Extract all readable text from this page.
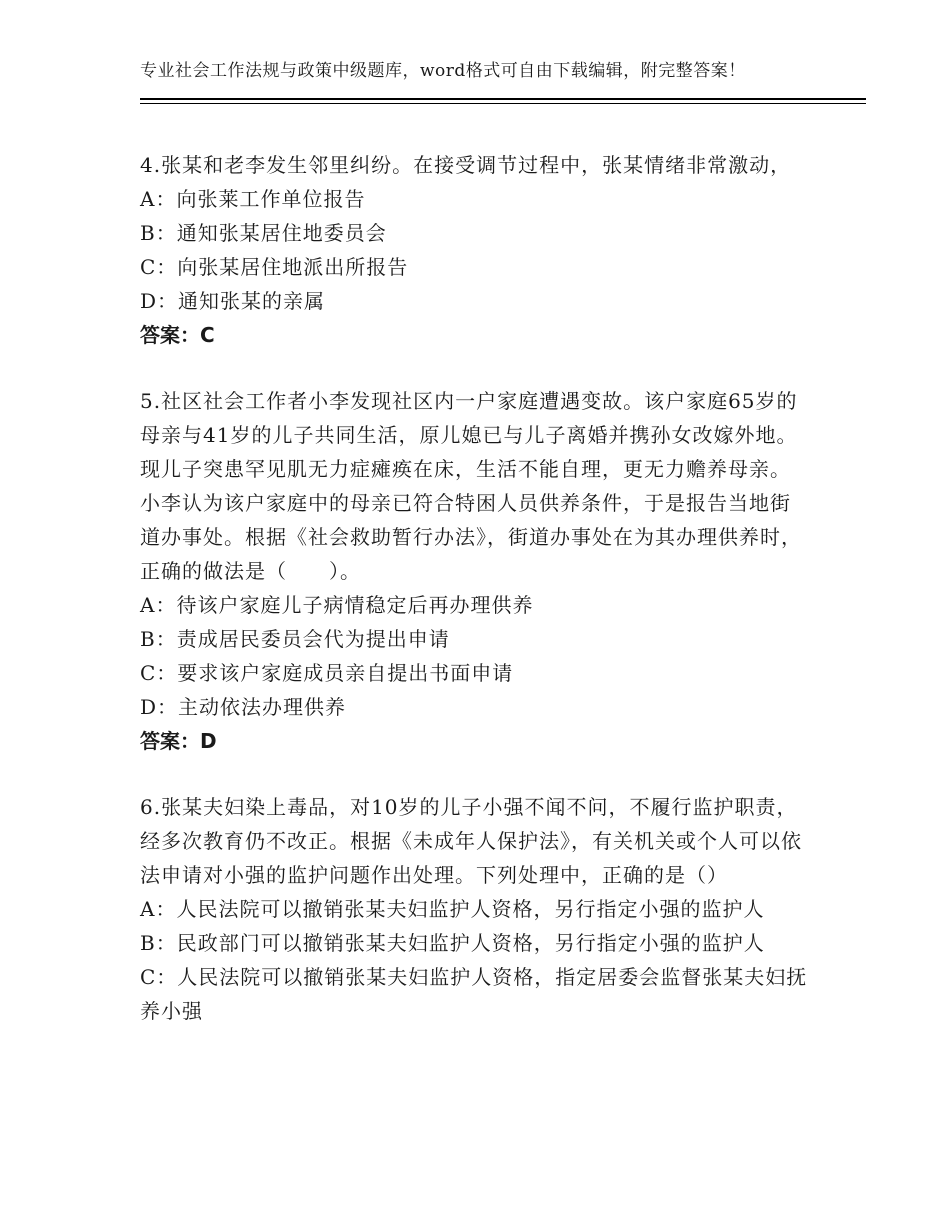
专业社会工作法规与政策中级题库，word格式可自由下载编辑，附完整答案！

4.张某和老李发生邻里纠纷。在接受调节过程中，张某情绪非常激动，

A：向张莱工作单位报告

B：通知张某居住地委员会

C：向张某居住地派出所报告

D：通知张某的亲属

答案：C

5.社区社会工作者小李发现社区内一户家庭遭遇变故。该户家庭65岁的母亲与41岁的儿子共同生活，原儿媳已与儿子离婚并携孙女改嫁外地。现儿子突患罕见肌无力症瘫痪在床，生活不能自理，更无力赡养母亲。小李认为该户家庭中的母亲已符合特困人员供养条件，于是报告当地街道办事处。根据《社会救助暂行办法》，街道办事处在为其办理供养时，正确的做法是（　　）。

A：待该户家庭儿子病情稳定后再办理供养

B：责成居民委员会代为提出申请

C：要求该户家庭成员亲自提出书面申请

D：主动依法办理供养

答案：D

6.张某夫妇染上毒品，对10岁的儿子小强不闻不问，不履行监护职责，经多次教育仍不改正。根据《未成年人保护法》，有关机关或个人可以依法申请对小强的监护问题作出处理。下列处理中，正确的是（）

A：人民法院可以撤销张某夫妇监护人资格，另行指定小强的监护人

B：民政部门可以撤销张某夫妇监护人资格，另行指定小强的监护人

C：人民法院可以撤销张某夫妇监护人资格，指定居委会监督张某夫妇抚养小强
